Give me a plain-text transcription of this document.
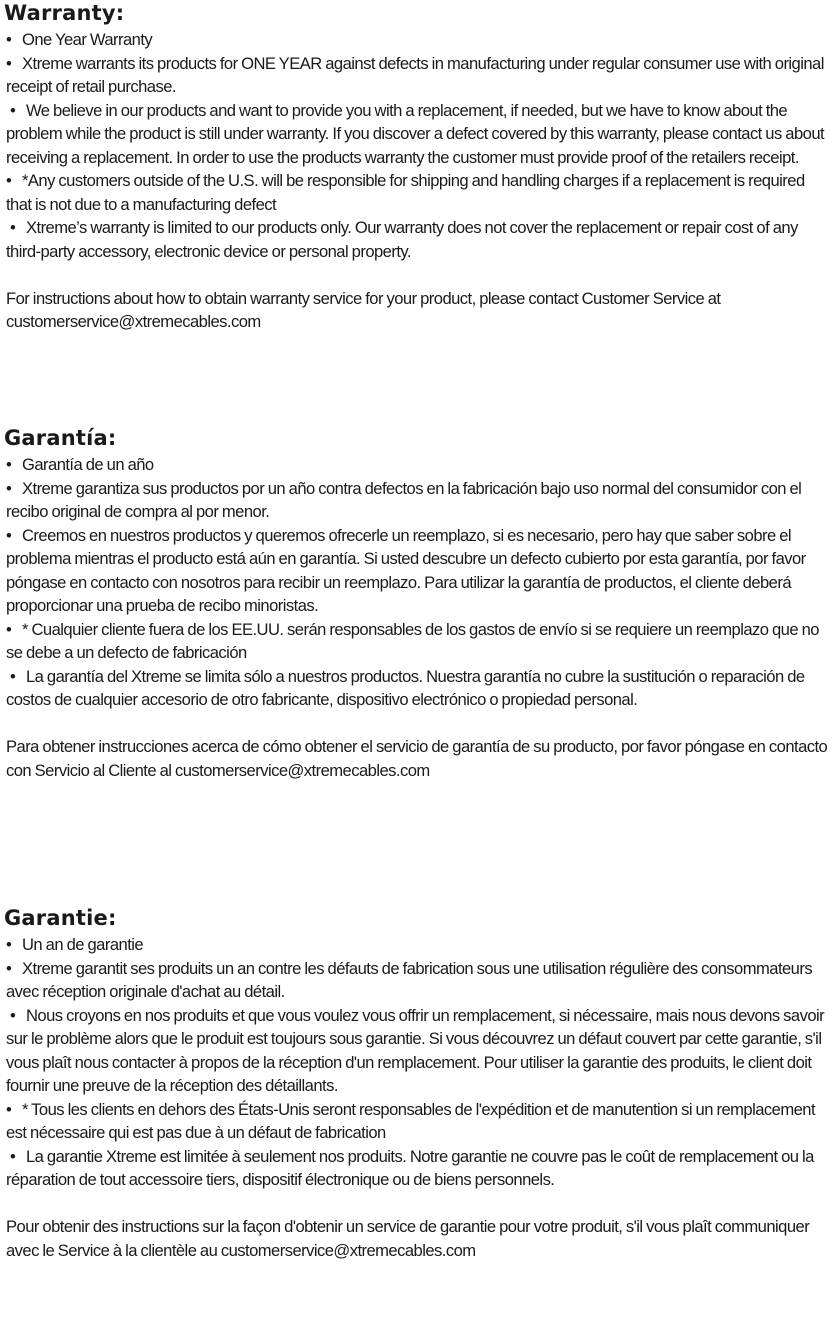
Warranty:

• One Year Warranty

• Xtreme warrants its products for ONE YEAR against defects in manufacturing under regular consumer use with original receipt of retail purchase.

• We believe in our products and want to provide you with a replacement, if needed, but we have to know about the problem while the product is still under warranty. If you discover a defect covered by this warranty, please contact us about receiving a replacement. In order to use the products warranty the customer must provide proof of the retailers receipt.

• *Any customers outside of the U.S. will be responsible for shipping and handling charges if a replacement is required that is not due to a manufacturing defect

• Xtreme’s warranty is limited to our products only. Our warranty does not cover the replacement or repair cost of any third-party accessory, electronic device or personal property.

For instructions about how to obtain warranty service for your product, please contact Customer Service at customerservice@xtremecables.com

Garantía:

• Garantía de un año

• Xtreme garantiza sus productos por un año contra defectos en la fabricación bajo uso normal del consumidor con el recibo original de compra al por menor.

• Creemos en nuestros productos y queremos ofrecerle un reemplazo, si es necesario, pero hay que saber sobre el problema mientras el producto está aún en garantía. Si usted descubre un defecto cubierto por esta garantía, por favor póngase en contacto con nosotros para recibir un reemplazo. Para utilizar la garantía de productos, el cliente deberá proporcionar una prueba de recibo minoristas.

• * Cualquier cliente fuera de los EE.UU. serán responsables de los gastos de envío si se requiere un reemplazo que no se debe a un defecto de fabricación

• La garantía del Xtreme se limita sólo a nuestros productos. Nuestra garantía no cubre la sustitución o reparación de costos de cualquier accesorio de otro fabricante, dispositivo electrónico o propiedad personal.

Para obtener instrucciones acerca de cómo obtener el servicio de garantía de su producto, por favor póngase en contacto con Servicio al Cliente al customerservice@xtremecables.com

Garantie:

• Un an de garantie

• Xtreme garantit ses produits un an contre les défauts de fabrication sous une utilisation régulière des consommateurs avec réception originale d'achat au détail.

• Nous croyons en nos produits et que vous voulez vous offrir un remplacement, si nécessaire, mais nous devons savoir sur le problème alors que le produit est toujours sous garantie. Si vous découvrez un défaut couvert par cette garantie, s'il vous plaît nous contacter à propos de la réception d'un remplacement. Pour utiliser la garantie des produits, le client doit fournir une preuve de la réception des détaillants.

• * Tous les clients en dehors des États-Unis seront responsables de l'expédition et de manutention si un remplacement est nécessaire qui est pas due à un défaut de fabrication

• La garantie Xtreme est limitée à seulement nos produits. Notre garantie ne couvre pas le coût de remplacement ou la réparation de tout accessoire tiers, dispositif électronique ou de biens personnels.

Pour obtenir des instructions sur la façon d'obtenir un service de garantie pour votre produit, s'il vous plaît communiquer avec le Service à la clientèle au customerservice@xtremecables.com
